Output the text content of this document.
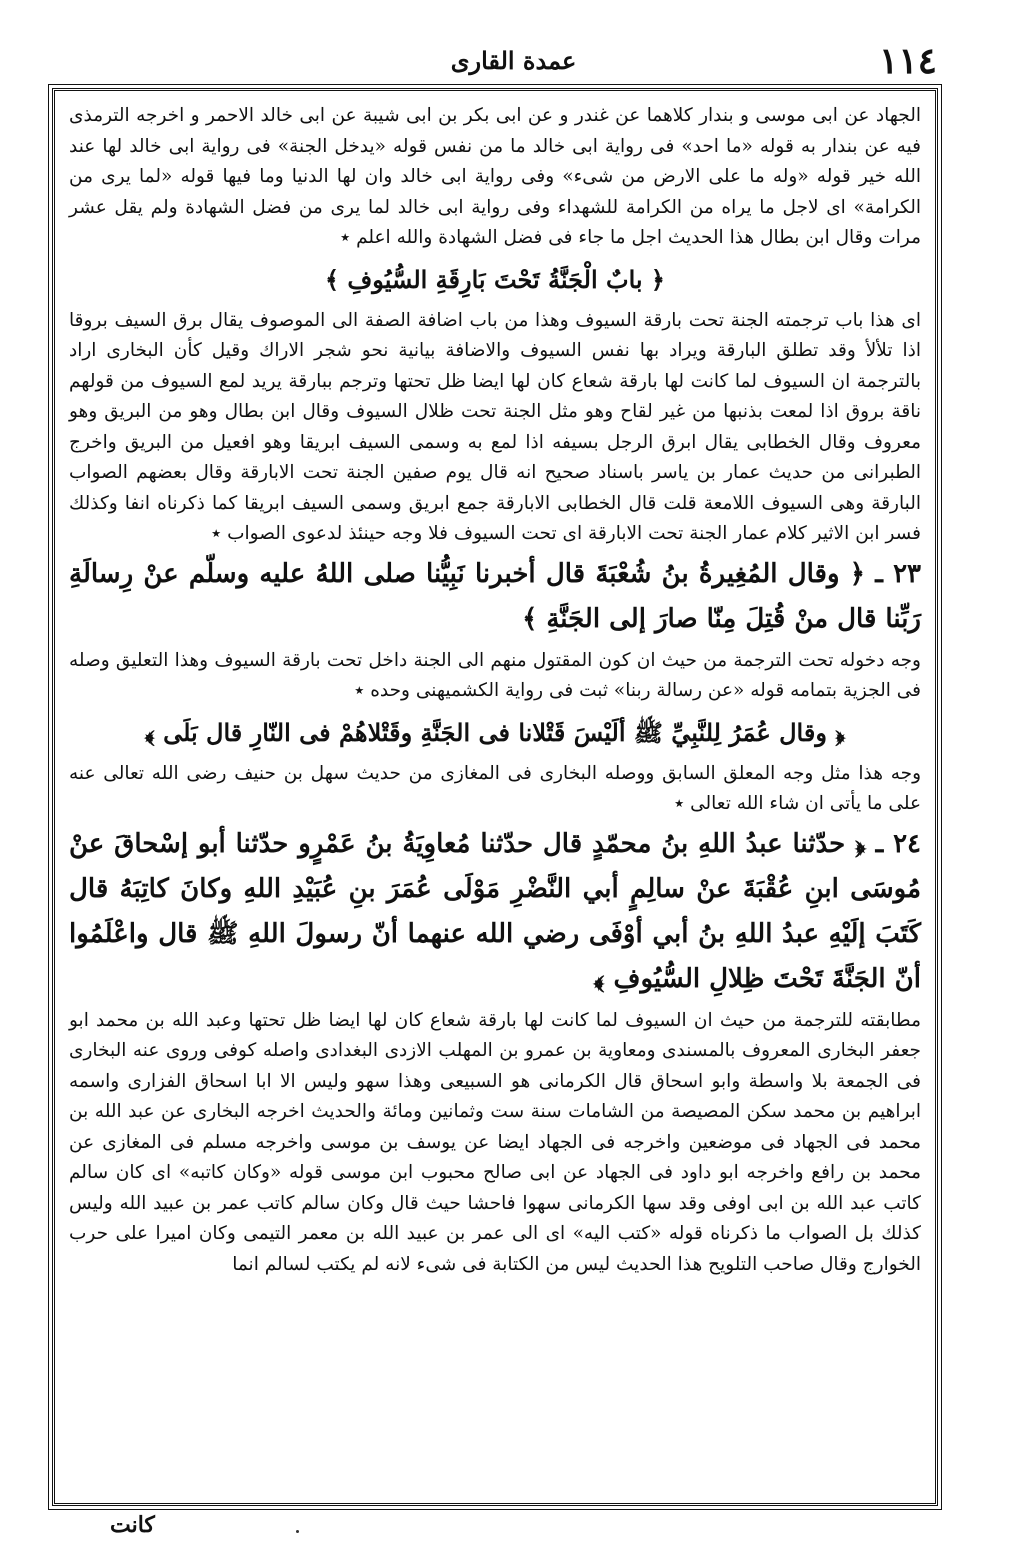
عمدة القارى	١١٤

الجهاد عن ابى موسى و بندار كلاهما عن غندر و عن ابى بكر بن ابى شيبة عن ابى خالد الاحمر و اخرجه الترمذى فيه عن بندار به قوله «ما احد» فى رواية ابى خالد ما من نفس قوله «يدخل الجنة» فى رواية ابى خالد لها عند الله خير قوله «وله ما على الارض من شىء» وفى رواية ابى خالد وان لها الدنيا وما فيها قوله «لما يرى من الكرامة» اى لاجل ما يراه من الكرامة للشهداء وفى رواية ابى خالد لما يرى من فضل الشهادة ولم يقل عشر مرات وقال ابن بطال هذا الحديث اجل ما جاء فى فضل الشهادة والله اعلم ٭

﴿ بابٌ الْجَنَّةُ تَحْتَ بَارِقَةِ السُّيُوفِ ﴾

اى هذا باب ترجمته الجنة تحت بارقة السيوف وهذا من باب اضافة الصفة الى الموصوف يقال برق السيف بروقا اذا تلألأ وقد تطلق البارقة ويراد بها نفس السيوف والاضافة بيانية نحو شجر الاراك وقيل كأن البخارى اراد بالترجمة ان السيوف لما كانت لها بارقة شعاع كان لها ايضا ظل تحتها وترجم ببارقة يريد لمع السيوف من قولهم ناقة بروق اذا لمعت بذنبها من غير لقاح وهو مثل الجنة تحت ظلال السيوف وقال ابن بطال وهو من البريق وهو معروف وقال الخطابى يقال ابرق الرجل بسيفه اذا لمع به وسمى السيف ابريقا وهو افعيل من البريق واخرج الطبرانى من حديث عمار بن ياسر باسناد صحيح انه قال يوم صفين الجنة تحت الابارقة وقال بعضهم الصواب البارقة وهى السيوف اللامعة قلت قال الخطابى الابارقة جمع ابريق وسمى السيف ابريقا كما ذكرناه انفا وكذلك فسر ابن الاثير كلام عمار الجنة تحت الابارقة اى تحت السيوف فلا وجه حينئذ لدعوى الصواب ٭

٢٣ ـ ﴿ وقال المُغِيرةُ بنُ شُعْبَةَ قال أخبرنا نَبِيُّنا صلى اللهُ عليه وسلّم عنْ رِسالَةِ رَبِّنا قال منْ قُتِلَ مِنّا صارَ إلى الجَنَّةِ ﴾

وجه دخوله تحت الترجمة من حيث ان كون المقتول منهم الى الجنة داخل تحت بارقة السيوف وهذا التعليق وصله فى الجزية بتمامه قوله «عن رسالة ربنا» ثبت فى رواية الكشميهنى وحده ٭

﴿ وقال عُمَرُ لِلنَّبِيِّ ﷺ ألَيْسَ قَتْلانا فى الجَنَّةِ وقَتْلاهُمْ فى النّارِ قال بَلَى ﴾

وجه هذا مثل وجه المعلق السابق ووصله البخارى فى المغازى من حديث سهل بن حنيف رضى الله تعالى عنه على ما يأتى ان شاء الله تعالى ٭

٢٤ ـ ﴿ حدّثنا عبدُ اللهِ بنُ محمّدٍ قال حدّثنا مُعاوِيَةُ بنُ عَمْرٍو حدّثنا أبو إسْحاقَ عنْ مُوسَى ابنِ عُقْبَةَ عنْ سالِمٍ أبي النَّضْرِ مَوْلَى عُمَرَ بنِ عُبَيْدِ اللهِ وكانَ كاتِبَهُ قال كَتَبَ إلَيْهِ عبدُ اللهِ بنُ أبي أوْفَى رضي الله عنهما أنّ رسولَ اللهِ ﷺ قال واعْلَمُوا أنّ الجَنَّةَ تَحْتَ ظِلالِ السُّيُوفِ ﴾

مطابقته للترجمة من حيث ان السيوف لما كانت لها بارقة شعاع كان لها ايضا ظل تحتها وعبد الله بن محمد ابو جعفر البخارى المعروف بالمسندى ومعاوية بن عمرو بن المهلب الازدى البغدادى واصله كوفى وروى عنه البخارى فى الجمعة بلا واسطة وابو اسحاق قال الكرمانى هو السبيعى وهذا سهو وليس الا ابا اسحاق الفزارى واسمه ابراهيم بن محمد سكن المصيصة من الشامات سنة ست وثمانين ومائة والحديث اخرجه البخارى عن عبد الله بن محمد فى الجهاد فى موضعين واخرجه فى الجهاد ايضا عن يوسف بن موسى واخرجه مسلم فى المغازى عن محمد بن رافع واخرجه ابو داود فى الجهاد عن ابى صالح محبوب ابن موسى قوله «وكان كاتبه» اى كان سالم كاتب عبد الله بن ابى اوفى وقد سها الكرمانى سهوا فاحشا حيث قال وكان سالم كاتب عمر بن عبيد الله وليس كذلك بل الصواب ما ذكرناه قوله «كتب اليه» اى الى عمر بن عبيد الله بن معمر التيمى وكان اميرا على حرب الخوارج وقال صاحب التلويح هذا الحديث ليس من الكتابة فى شىء لانه لم يكتب لسالم انما

كانت
